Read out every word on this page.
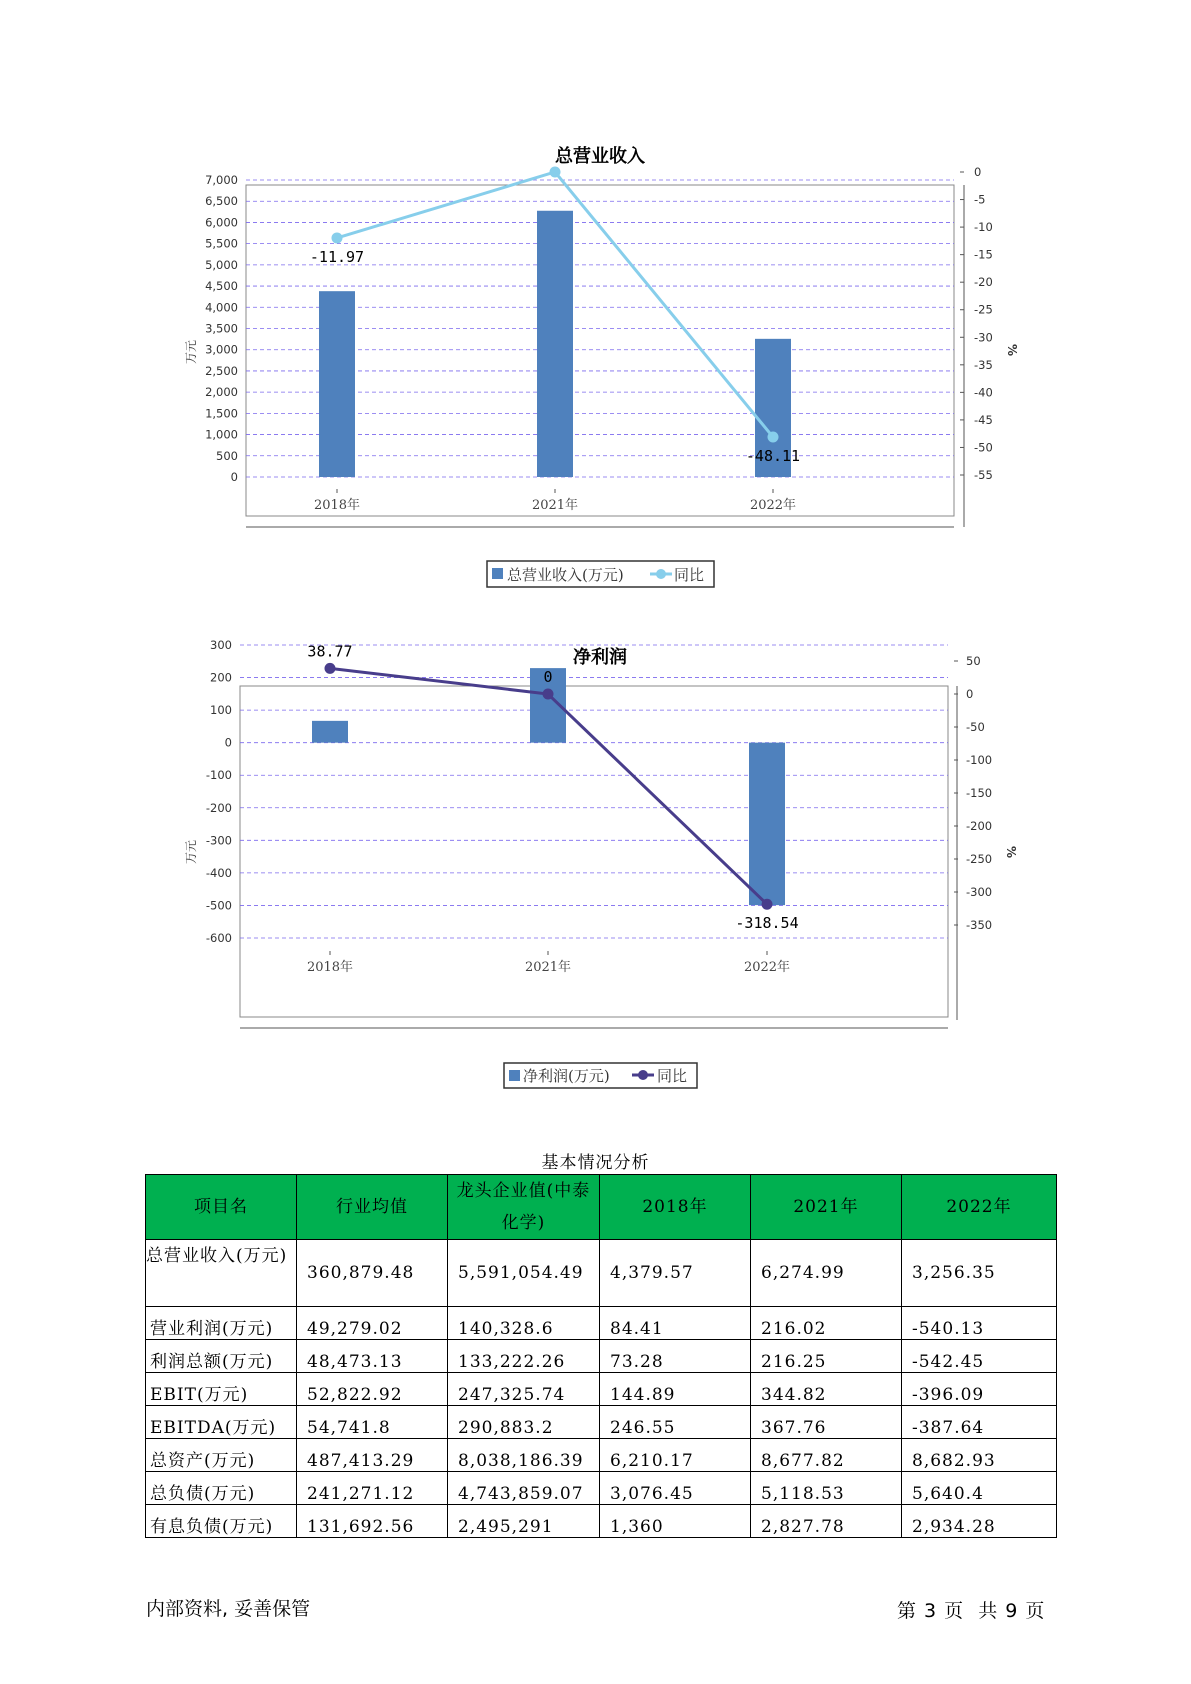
总营业收入
万元	%
0
500
1,000
1,500
2,000
2,500
3,000
3,500
4,000
4,500
5,000
5,500
6,000
6,500
7,000
0
-5
-10
-15
-20
-25
-30
-35
-40
-45
-50
-55
2018年	2021年	2022年
-11.97
-48.11
总营业收入(万元)	同比
净利润
万元	%
300
200
100
0
-100
-200
-300
-400
-500
-600
50
0
-50
-100
-150
-200
-250
-300
-350
2018年	2021年	2022年
38.77
0
-318.54
净利润(万元)	同比
基本情况分析
项目名	行业均值	龙头企业值(中泰化学)	2018年	2021年	2022年
总营业收入(万元)	360,879.48	5,591,054.49	4,379.57	6,274.99	3,256.35
营业利润(万元)	49,279.02	140,328.6	84.41	216.02	-540.13
利润总额(万元)	48,473.13	133,222.26	73.28	216.25	-542.45
EBIT(万元)	52,822.92	247,325.74	144.89	344.82	-396.09
EBITDA(万元)	54,741.8	290,883.2	246.55	367.76	-387.64
总资产(万元)	487,413.29	8,038,186.39	6,210.17	8,677.82	8,682.93
总负债(万元)	241,271.12	4,743,859.07	3,076.45	5,118.53	5,640.4
有息负债(万元)	131,692.56	2,495,291	1,360	2,827.78	2,934.28
内部资料, 妥善保管	第 3 页  共 9 页
